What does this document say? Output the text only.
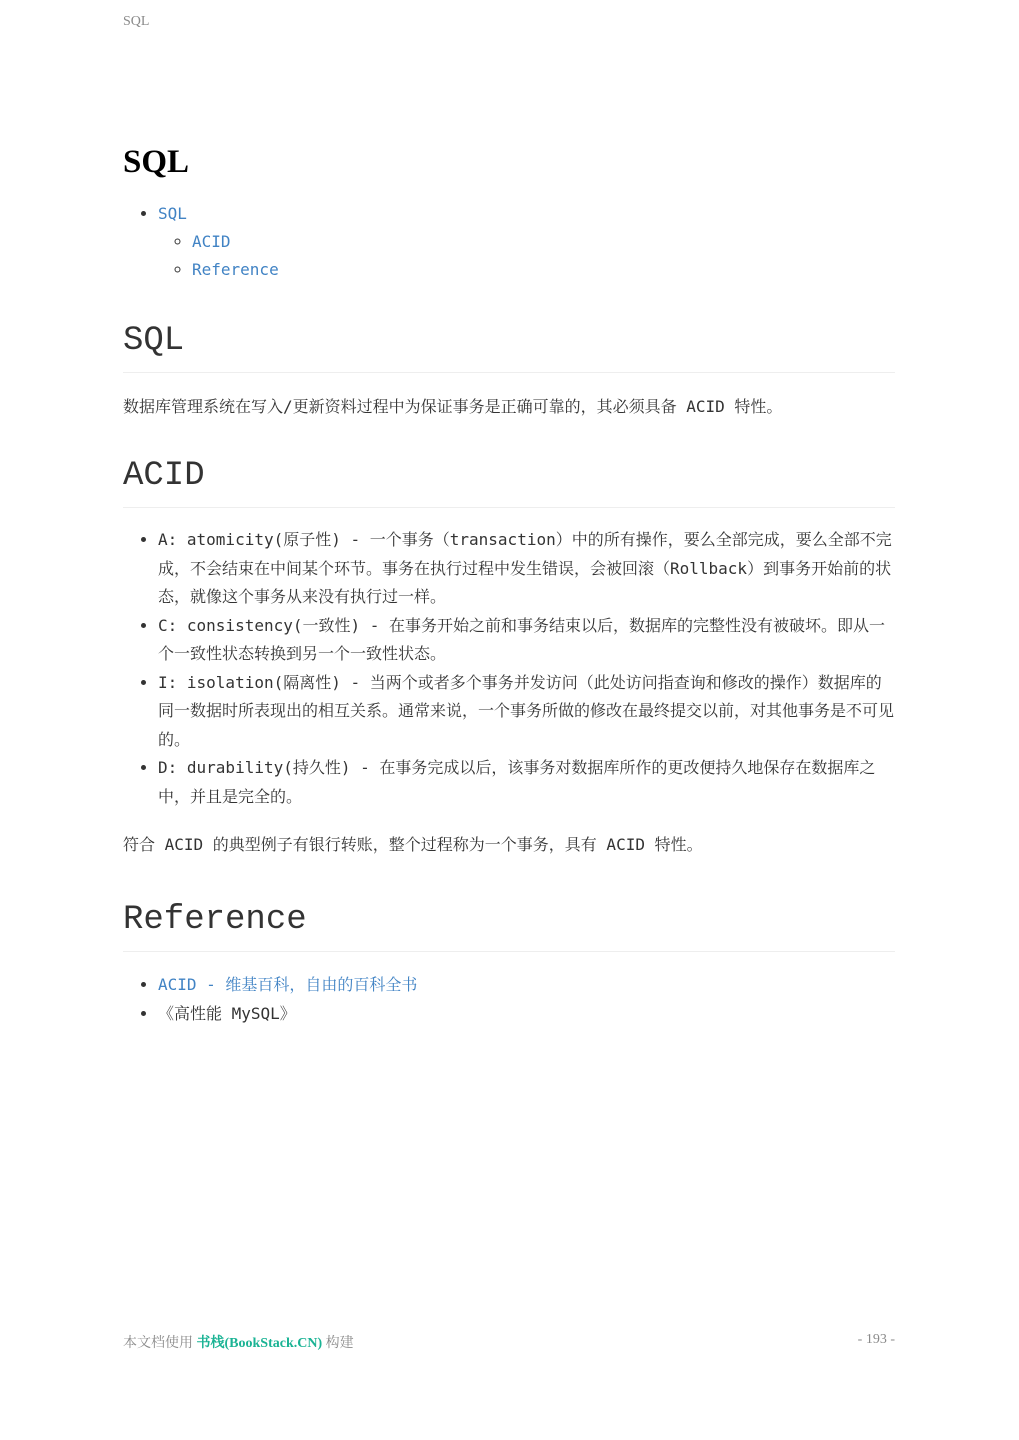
SQL
SQL
• SQL
◦ ACID
◦ Reference
SQL

数据库管理系统在写入/更新资料过程中为保证事务是正确可靠的，其必须具备 ACID 特性。

ACID
• A: atomicity(原子性) - 一个事务（transaction）中的所有操作，要么全部完成，要么全部不完成，不会结束在中间某个环节。事务在执行过程中发生错误，会被回滚（Rollback）到事务开始前的状态，就像这个事务从来没有执行过一样。
• C: consistency(一致性) - 在事务开始之前和事务结束以后，数据库的完整性没有被破坏。即从一个一致性状态转换到另一个一致性状态。
• I: isolation(隔离性) - 当两个或者多个事务并发访问（此处访问指查询和修改的操作）数据库的同一数据时所表现出的相互关系。通常来说，一个事务所做的修改在最终提交以前，对其他事务是不可见的。
• D: durability(持久性) - 在事务完成以后，该事务对数据库所作的更改便持久地保存在数据库之中，并且是完全的。

符合 ACID 的典型例子有银行转账，整个过程称为一个事务，具有 ACID 特性。

Reference
• ACID - 维基百科，自由的百科全书
• 《高性能 MySQL》
本文档使用 书栈(BookStack.CN) 构建	- 193 -
